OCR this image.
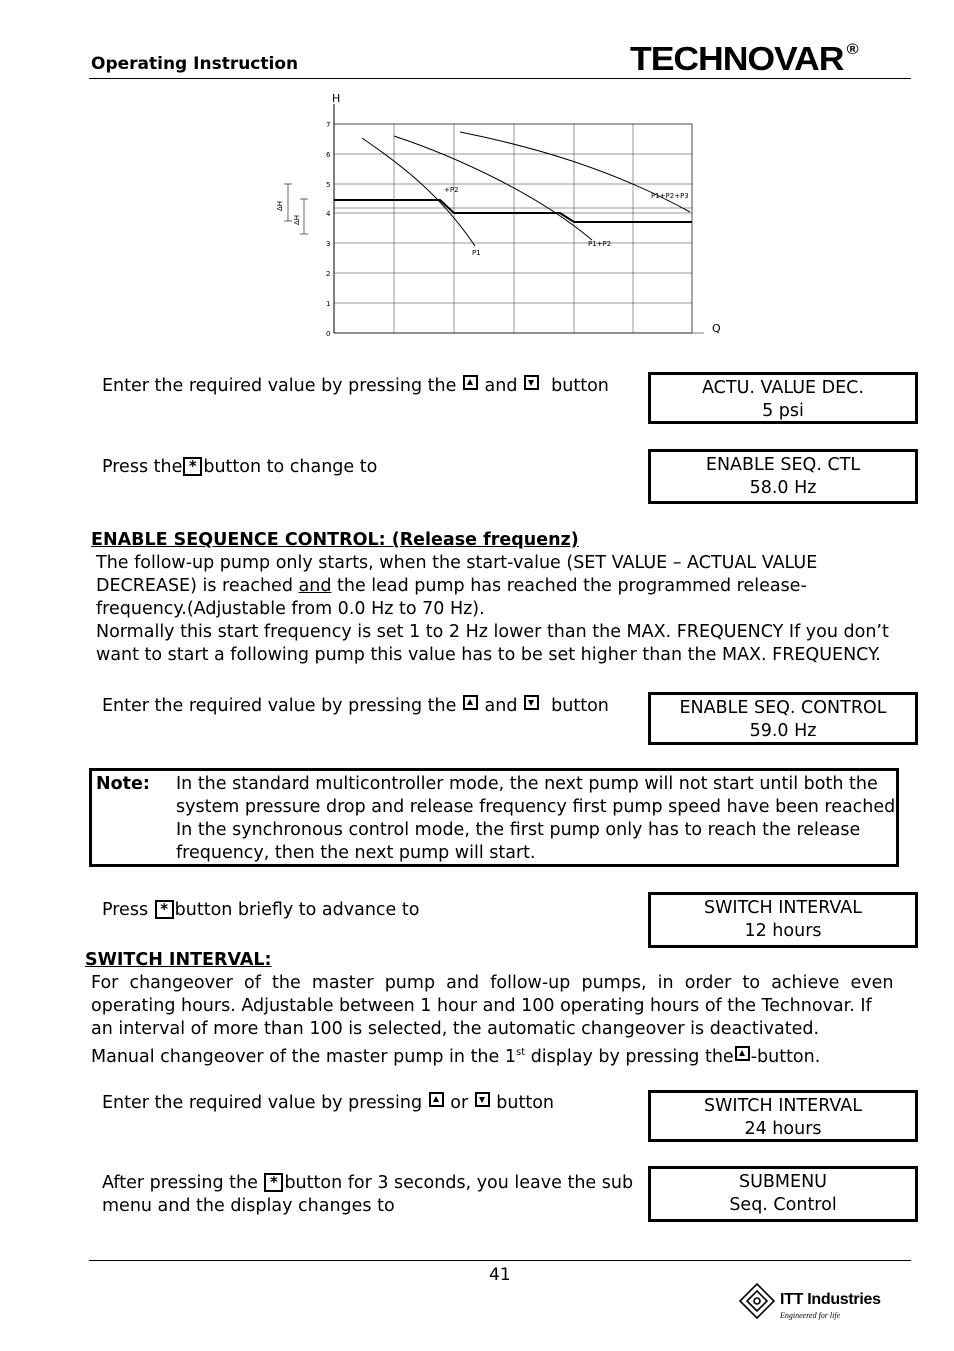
Operating Instruction	TECHNOVAR ®
H
0
1
2
3
4
5
6
7
Q
ΔH
ΔH
P1
+P2
P1+P2
P1+P2+P3
Enter the required value by pressing the and button	ACTU. VALUE DEC.
5 psi
Press the * button to change to	ENABLE SEQ. CTL
58.0 Hz
ENABLE SEQUENCE CONTROL: (Release frequenz)
The follow-up pump only starts, when the start-value (SET VALUE – ACTUAL VALUE
DECREASE) is reached and the lead pump has reached the programmed release-
frequency.(Adjustable from 0.0 Hz to 70 Hz).
Normally this start frequency is set 1 to 2 Hz lower than the MAX. FREQUENCY If you don’t
want to start a following pump this value has to be set higher than the MAX. FREQUENCY.
Enter the required value by pressing the and button	ENABLE SEQ. CONTROL
59.0 Hz
Note: In the standard multicontroller mode, the next pump will not start until both the
system pressure drop and release frequency first pump speed have been reached.
In the synchronous control mode, the first pump only has to reach the release
frequency, then the next pump will start.
Press * button briefly to advance to	SWITCH INTERVAL
12 hours
SWITCH INTERVAL:
For  changeover  of  the  master  pump  and  follow-up  pumps,  in  order  to  achieve  even
operating hours. Adjustable between 1 hour and 100 operating hours of the Technovar. If
an interval of more than 100 is selected, the automatic changeover is deactivated.
Manual changeover of the master pump in the 1st display by pressing the -button.
Enter the required value by pressing or button	SWITCH INTERVAL
24 hours
After pressing the * button for 3 seconds, you leave the sub
menu and the display changes to
SUBMENU
Seq. Control
41
ITT Industries
Engineered for life
